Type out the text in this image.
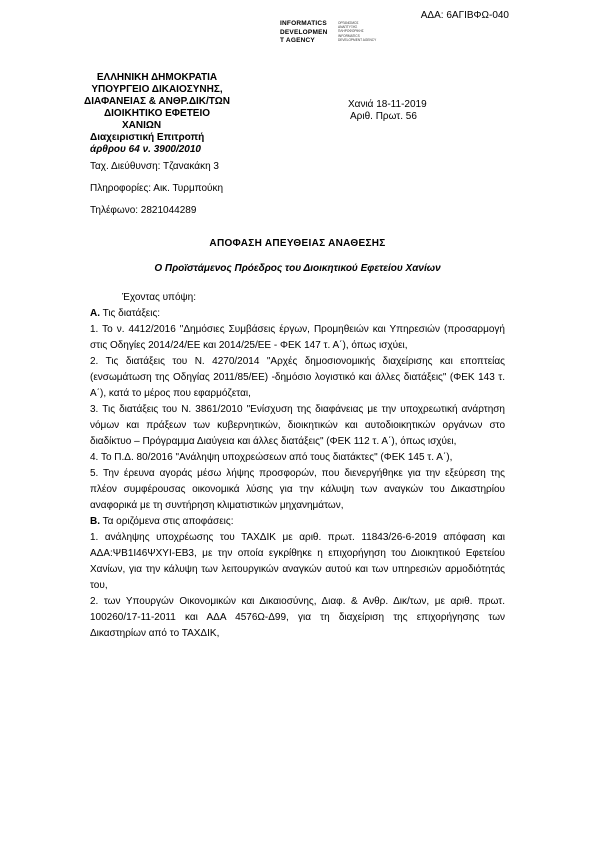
ΑΔΑ: 6ΑΓΙΒΦΩ-040
INFORMATICS
DEVELOPMEN
T AGENCY
ΟΡΓΑΝΙΣΜΟΣ ΑΝΑΠΤΥΞΗΣ ΠΛΗΡΟΦΟΡΙΚΗΣ INFORMATICS DEVELOPMENT AGENCY
ΕΛΛΗΝΙΚΗ ΔΗΜΟΚΡΑΤΙΑ
ΥΠΟΥΡΓΕΙΟ ΔΙΚΑΙΟΣΥΝΗΣ,
ΔΙΑΦΑΝΕΙΑΣ & ΑΝΘΡ.ΔΙΚ/ΤΩΝ
ΔΙΟΙΚΗΤΙΚΟ ΕΦΕΤΕΙΟ
ΧΑΝΙΩΝ
Διαχειριστική Επιτροπή
άρθρου 64 ν. 3900/2010
Χανιά 18-11-2019
Αριθ. Πρωτ. 56
Ταχ. Διεύθυνση: Τζανακάκη 3
Πληροφορίες: Αικ. Τυρμπούκη
Τηλέφωνο: 2821044289
ΑΠΟΦΑΣΗ ΑΠΕΥΘΕΙΑΣ ΑΝΑΘΕΣΗΣ
Ο Προϊστάμενος Πρόεδρος του Διοικητικού Εφετείου Χανίων

Έχοντας υπόψη:

Α. Τις διατάξεις:

1. Το ν. 4412/2016 "Δημόσιες Συμβάσεις έργων, Προμηθειών και Υπηρεσιών (προσαρμογή στις Οδηγίες 2014/24/ΕΕ και 2014/25/ΕΕ - ΦΕΚ 147 τ. Α΄), όπως ισχύει,

2. Τις διατάξεις του Ν. 4270/2014 "Αρχές δημοσιονομικής διαχείρισης και εποπτείας (ενσωμάτωση της Οδηγίας 2011/85/ΕΕ) -δημόσιο λογιστικό και άλλες διατάξεις" (ΦΕΚ 143 τ. Α΄), κατά το μέρος που εφαρμόζεται,

3. Τις διατάξεις του Ν. 3861/2010 "Ενίσχυση της διαφάνειας με την υποχρεωτική ανάρτηση νόμων και πράξεων των κυβερνητικών, διοικητικών και αυτοδιοικητικών οργάνων στο διαδίκτυο – Πρόγραμμα Διαύγεια και άλλες διατάξεις" (ΦΕΚ 112 τ. Α΄), όπως ισχύει,

4. Το Π.Δ. 80/2016 "Ανάληψη υποχρεώσεων από τους διατάκτες" (ΦΕΚ 145 τ. Α΄),

5. Την έρευνα αγοράς μέσω λήψης προσφορών, που διενεργήθηκε για την εξεύρεση της πλέον συμφέρουσας οικονομικά λύσης για την κάλυψη των αναγκών του Δικαστηρίου αναφορικά με τη συντήρηση κλιματιστικών μηχανημάτων,

Β. Τα οριζόμενα στις αποφάσεις:

1. ανάληψης υποχρέωσης του ΤΑΧΔΙΚ με αριθ. πρωτ. 11843/26-6-2019 απόφαση και ΑΔΑ:ΨΒ1Ι46ΨΧΥΙ-ΕΒ3, με την οποία εγκρίθηκε η επιχορήγηση του Διοικητικού Εφετείου Χανίων, για την κάλυψη των λειτουργικών αναγκών αυτού και των υπηρεσιών αρμοδιότητάς του,

2. των Υπουργών Οικονομικών και Δικαιοσύνης, Διαφ. & Ανθρ. Δικ/των, με αριθ. πρωτ. 100260/17-11-2011 και ΑΔΑ 4576Ω-Δ99, για τη διαχείριση της επιχορήγησης των Δικαστηρίων από το ΤΑΧΔΙΚ,
